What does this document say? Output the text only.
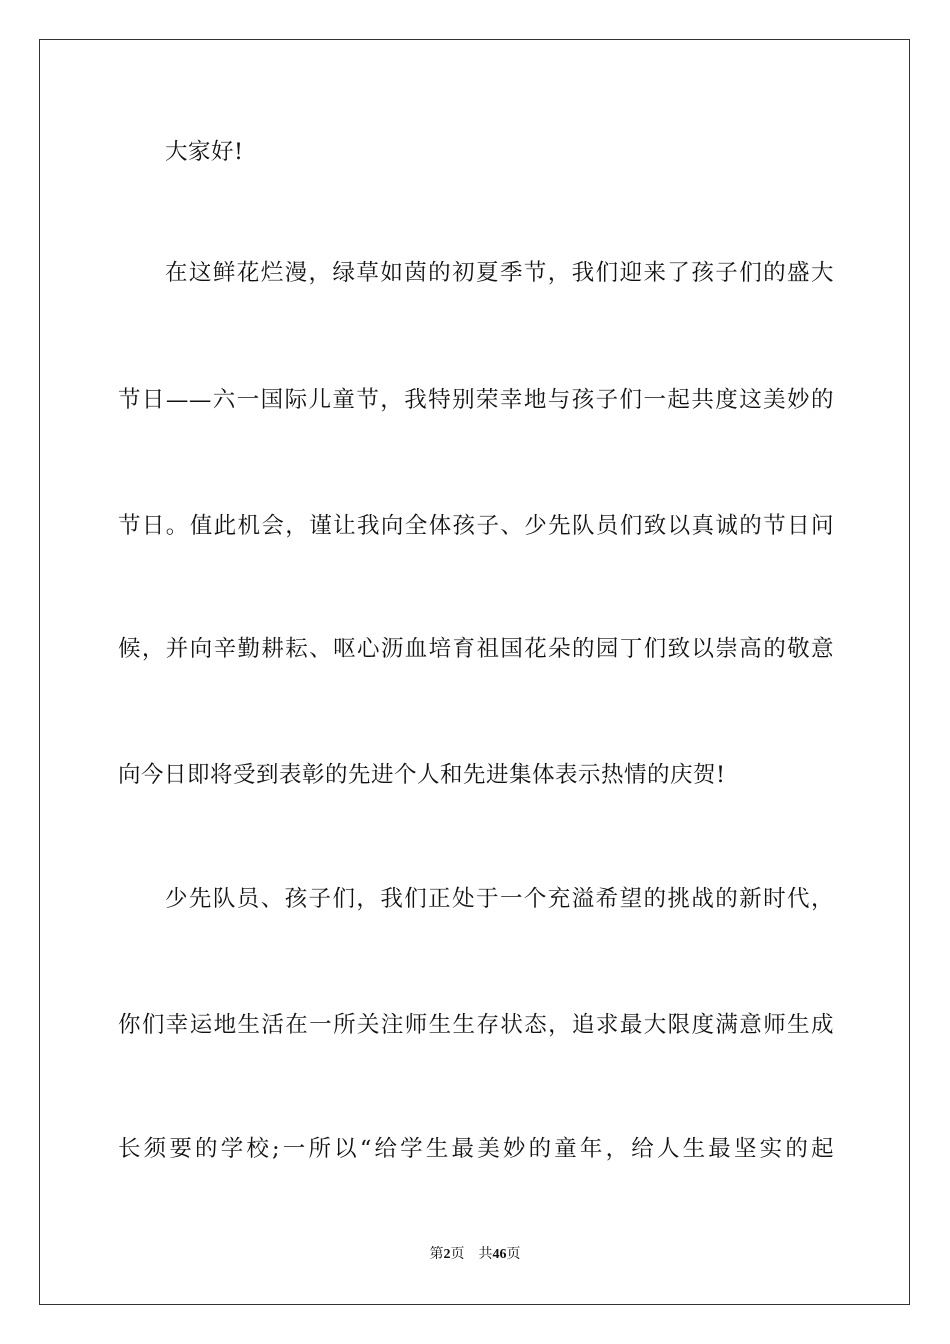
大家好!
在这鲜花烂漫，绿草如茵的初夏季节，我们迎来了孩子们的盛大
节日——六一国际儿童节，我特别荣幸地与孩子们一起共度这美妙的
节日。值此机会，谨让我向全体孩子、少先队员们致以真诚的节日问
候，并向辛勤耕耘、呕心沥血培育祖国花朵的园丁们致以崇高的敬意
向今日即将受到表彰的先进个人和先进集体表示热情的庆贺!
少先队员、孩子们，我们正处于一个充溢希望的挑战的新时代，
你们幸运地生活在一所关注师生生存状态，追求最大限度满意师生成
长须要的学校;一所以“给学生最美妙的童年，给人生最坚实的起
第2页 共46页
